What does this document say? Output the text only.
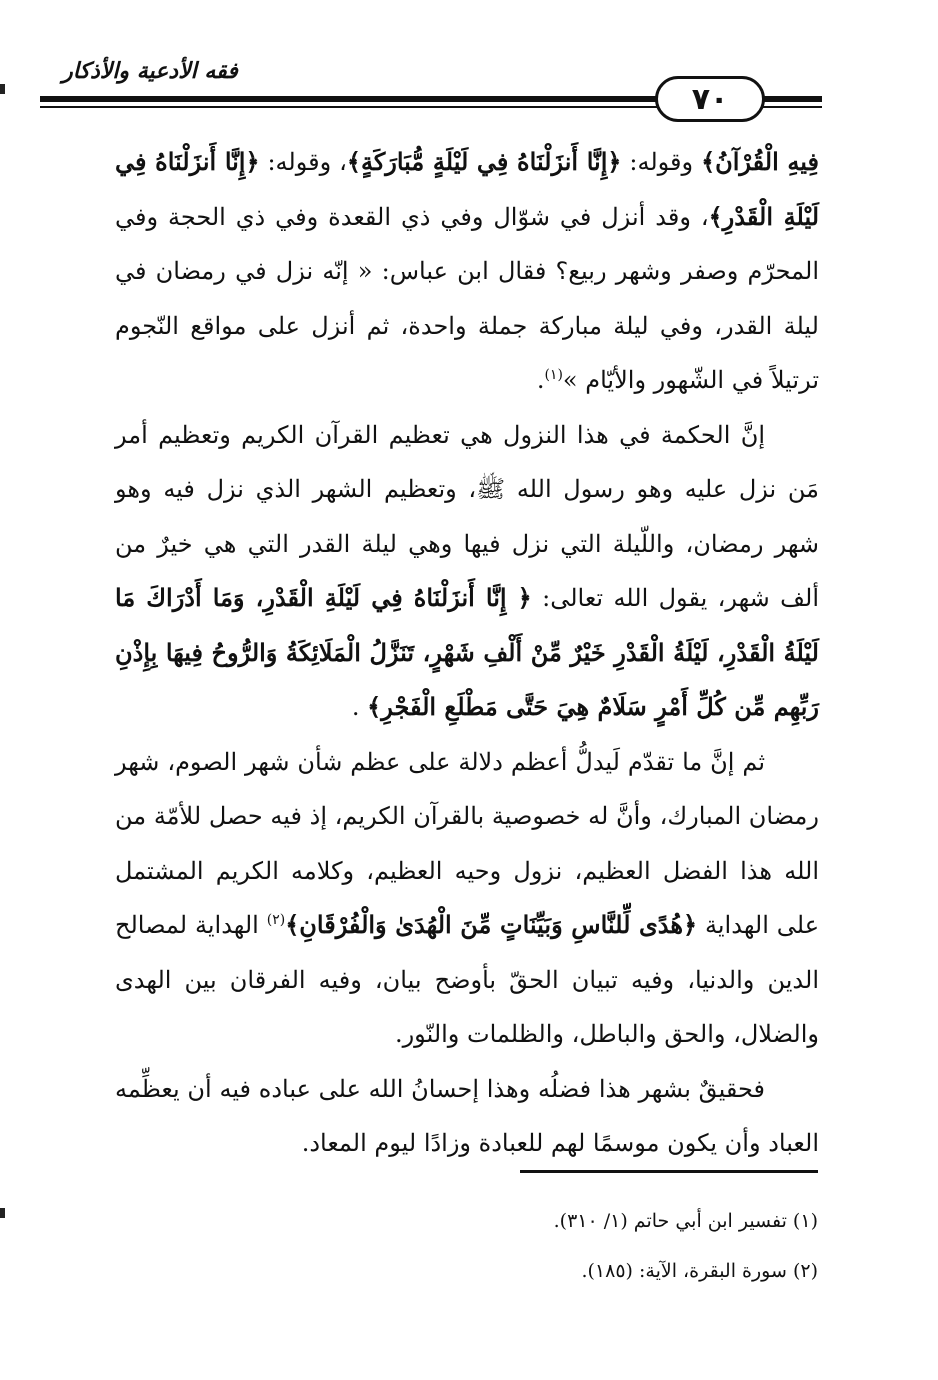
فقه الأدعية والأذكار
٧٠

فِيهِ الْقُرْآنُ﴾ وقوله: ﴿إِنَّا أَنزَلْنَاهُ فِي لَيْلَةٍ مُّبَارَكَةٍ﴾، وقوله: ﴿إِنَّا أَنزَلْنَاهُ فِي لَيْلَةِ الْقَدْرِ﴾، وقد أنزل في شوّال وفي ذي القعدة وفي ذي الحجة وفي المحرّم وصفر وشهر ربيع؟ فقال ابن عباس: « إنّه نزل في رمضان في ليلة القدر، وفي ليلة مباركة جملة واحدة، ثم أنزل على مواقع النّجوم ترتيلاً في الشّهور والأيّام »$^{(١)}$.

إنَّ الحكمة في هذا النزول هي تعظيم القرآن الكريم وتعظيم أمر مَن نزل عليه وهو رسول الله ﷺ، وتعظيم الشهر الذي نزل فيه وهو شهر رمضان، واللّيلة التي نزل فيها وهي ليلة القدر التي هي خيرٌ من ألف شهر، يقول الله تعالى: ﴿ إِنَّا أَنزَلْنَاهُ فِي لَيْلَةِ الْقَدْرِ، وَمَا أَدْرَاكَ مَا لَيْلَةُ الْقَدْرِ، لَيْلَةُ الْقَدْرِ خَيْرٌ مِّنْ أَلْفِ شَهْرٍ، تَنَزَّلُ الْمَلَائِكَةُ وَالرُّوحُ فِيهَا بِإِذْنِ رَبِّهِم مِّن كُلِّ أَمْرٍ سَلَامٌ هِيَ حَتَّى مَطْلَعِ الْفَجْرِ﴾ .

ثم إنَّ ما تقدّم لَيدلُّ أعظم دلالة على عظم شأن شهر الصوم، شهر رمضان المبارك، وأنَّ له خصوصية بالقرآن الكريم، إذ فيه حصل للأمّة من الله هذا الفضل العظيم، نزول وحيه العظيم، وكلامه الكريم المشتمل على الهداية ﴿هُدًى لِّلنَّاسِ وَبَيِّنَاتٍ مِّنَ الْهُدَىٰ وَالْفُرْقَانِ﴾$^{(٢)}$ الهداية لمصالح الدين والدنيا، وفيه تبيان الحقّ بأوضح بيان، وفيه الفرقان بين الهدى والضلال، والحق والباطل، والظلمات والنّور.

فحقيقٌ بشهر هذا فضلُه وهذا إحسانُ الله على عباده فيه أن يعظِّمه العباد وأن يكون موسمًا لهم للعبادة وزادًا ليوم المعاد.

(١) تفسير ابن أبي حاتم (١/ ٣١٠).

(٢) سورة البقرة، الآية: (١٨٥).
